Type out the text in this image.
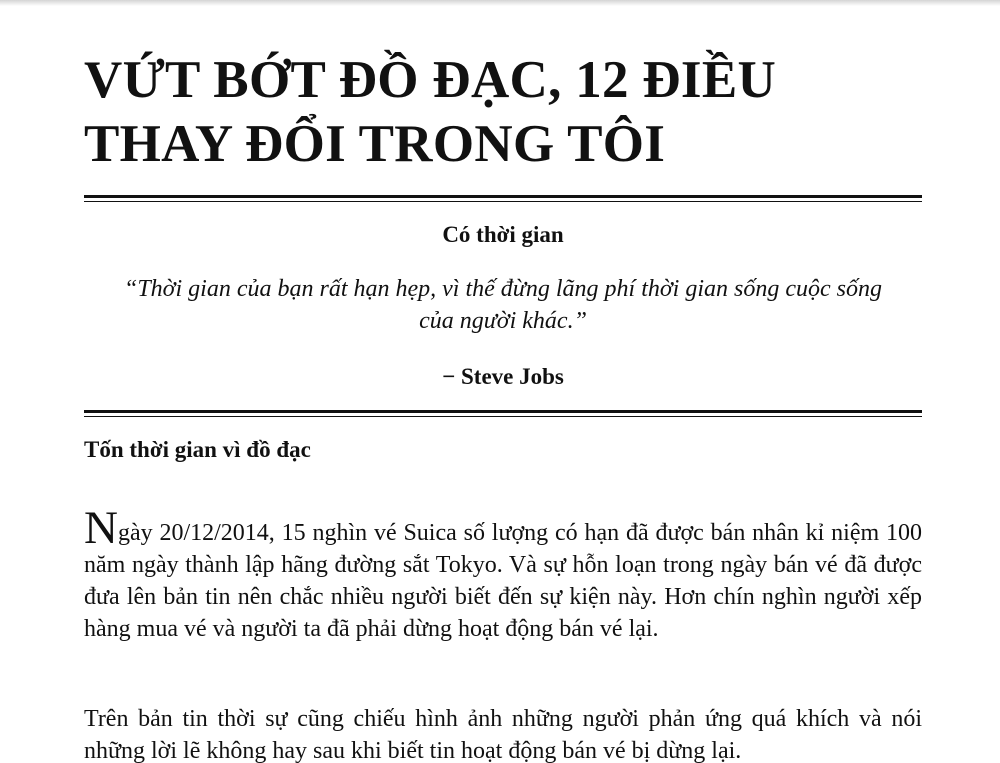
VỨT BỚT ĐỒ ĐẠC, 12 ĐIỀU THAY ĐỔI TRONG TÔI
Có thời gian
“Thời gian của bạn rất hạn hẹp, vì thế đừng lãng phí thời gian sống cuộc sống của người khác.”
− Steve Jobs
Tốn thời gian vì đồ đạc

Ngày 20/12/2014, 15 nghìn vé Suica số lượng có hạn đã được bán nhân kỉ niệm 100 năm ngày thành lập hãng đường sắt Tokyo. Và sự hỗn loạn trong ngày bán vé đã được đưa lên bản tin nên chắc nhiều người biết đến sự kiện này. Hơn chín nghìn người xếp hàng mua vé và người ta đã phải dừng hoạt động bán vé lại.

Trên bản tin thời sự cũng chiếu hình ảnh những người phản ứng quá khích và nói những lời lẽ không hay sau khi biết tin hoạt động bán vé bị dừng lại.
